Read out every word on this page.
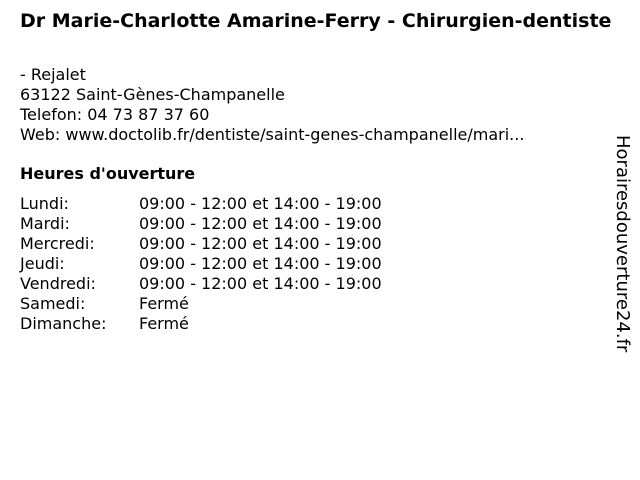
Dr Marie-Charlotte Amarine-Ferry - Chirurgien-dentiste
- Rejalet
63122 Saint-Gènes-Champanelle
Telefon: 04 73 87 37 60
Web: www.doctolib.fr/dentiste/saint-genes-champanelle/mari...
Heures d'ouverture
Lundi:	09:00 - 12:00 et 14:00 - 19:00
Mardi:	09:00 - 12:00 et 14:00 - 19:00
Mercredi:	09:00 - 12:00 et 14:00 - 19:00
Jeudi:	09:00 - 12:00 et 14:00 - 19:00
Vendredi:	09:00 - 12:00 et 14:00 - 19:00
Samedi:	Fermé
Dimanche:	Fermé	Horairesdouverture24.fr
